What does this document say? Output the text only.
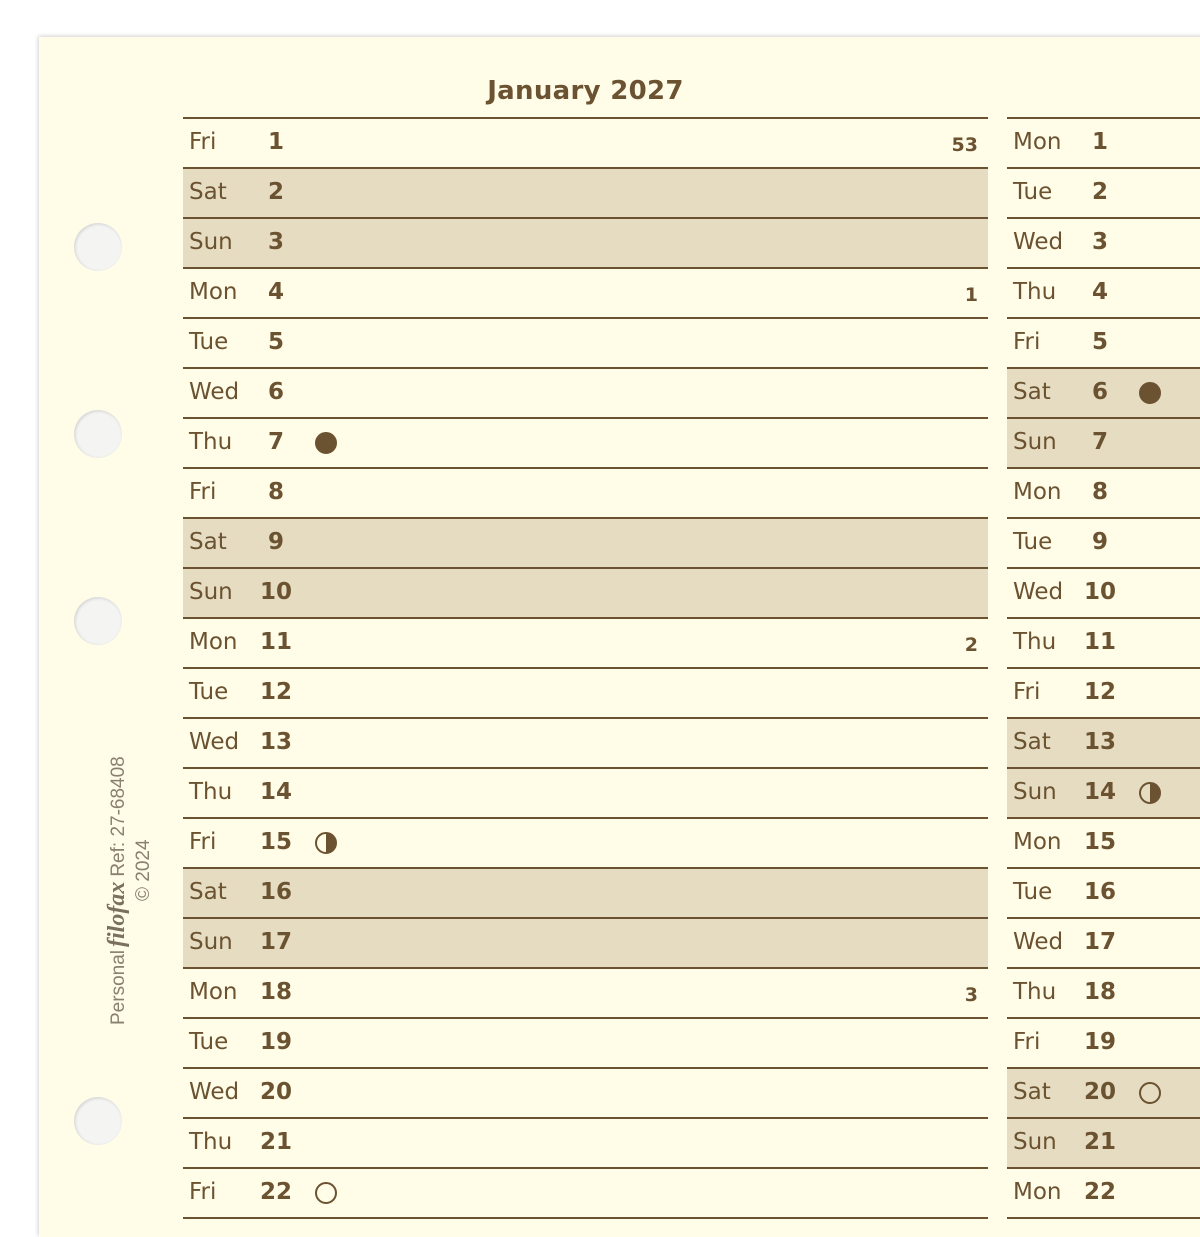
PersonalfilofaxRef: 27-68408 © 2024
January 2027
Fri	1	53
Sat	2
Sun	3
Mon	4	1
Tue	5
Wed	6
Thu	7
Fri	8
Sat	9
Sun 10
Mon 11	2
Tue 12
Wed 13
Thu 14
Fri 15
Sat 16
Sun 17
Mon 18	3
Tue 19
Wed 20
Thu 21
Fri 22
Mon	1
Tue	2
Wed	3
Thu	4
Fri	5
Sat	6
Sun	7
Mon	8
Tue	9
Wed 10
Thu 11
Fri 12
Sat 13
Sun 14
Mon 15
Tue 16
Wed 17
Thu 18
Fri 19
Sat 20
Sun 21
Mon 22
